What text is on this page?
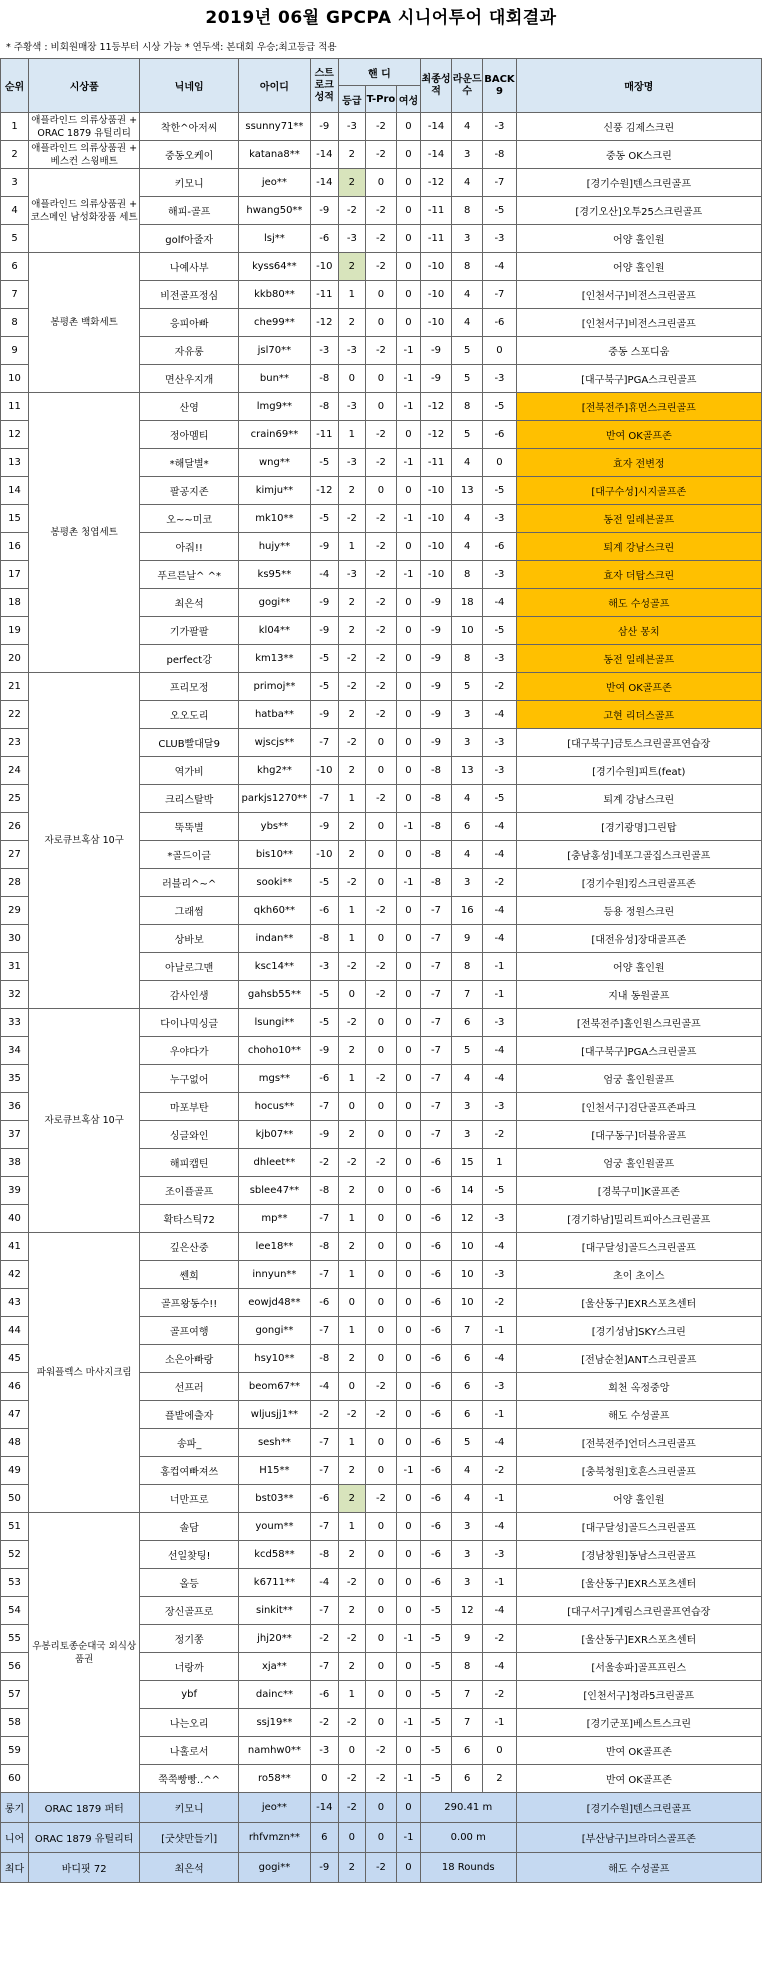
2019년 06월 GPCPA 시니어투어 대회결과
* 주황색 : 비회원매장 11등부터 시상 가능 * 연두색: 본대회 우승;최고등급 적용
순위	시상품	닉네임	아이디	스트로크성적	핸 디			최종성적	라운드수	BACK 9	매장명
					등급	T-Pro	여성				
1	애플라인드 의류상품권 + ORAC 1879 유틸리티	착한^아저씨	ssunny71**	-9	-3	-2	0	-14	4	-3	신풍 김제스크린
2	애플라인드 의류상품권 + 베스컨 스윙배트	중동오케이	katana8**	-14	2	-2	0	-14	3	-8	중동 OK스크린
3	애플라인드 의류상품권 + 코스메인 남성화장품 세트	키모니	jeo**	-14	2	0	0	-12	4	-7	[경기수원]텐스크린골프
4		해피-골프	hwang50**	-9	-2	-2	0	-11	8	-5	[경기오산]오투25스크린골프
5		golf아줄자	lsj**	-6	-3	-2	0	-11	3	-3	어양 홀인원
6	봉평촌 백화세트	나예사부	kyss64**	-10	2	-2	0	-10	8	-4	어양 홀인원
7		비전골프정심	kkb80**	-11	1	0	0	-10	4	-7	[인천서구]비전스크린골프
8		응피아빠	che99**	-12	2	0	0	-10	4	-6	[인천서구]비전스크린골프
9		자유롱	jsl70**	-3	-3	-2	-1	-9	5	0	중동 스포디움
10		면산우지개	bun**	-8	0	0	-1	-9	5	-3	[대구북구]PGA스크린골프
11	봉평촌 청엽세트	산영	lmg9**	-8	-3	0	-1	-12	8	-5	[전북전주]휴먼스크린골프
12		정아멤티	crain69**	-11	1	-2	0	-12	5	-6	반여 OK골프존
13		*해달별*	wng**	-5	-3	-2	-1	-11	4	0	효자 전변정
14		팔공지존	kimju**	-12	2	0	0	-10	13	-5	[대구수성]시지골프존
15		오~~미코	mk10**	-5	-2	-2	-1	-10	4	-3	동전 일레븐골프
16		아줘!!	hujy**	-9	1	-2	0	-10	4	-6	퇴계 강남스크린
17		푸르른날^ ^*	ks95**	-4	-3	-2	-1	-10	8	-3	효자 더탑스크린
18		최은석	gogi**	-9	2	-2	0	-9	18	-4	해도 수성골프
19		기가팔팔	kl04**	-9	2	-2	0	-9	10	-5	삼산 몽치
20		perfect강	km13**	-5	-2	-2	0	-9	8	-3	동전 일레븐골프
21	자로큐브혹삼 10구	프리모정	primoj**	-5	-2	-2	0	-9	5	-2	반여 OK골프존
22		오오도리	hatba**	-9	2	-2	0	-9	3	-4	고현 리더스골프
23		CLUB빨대달9	wjscjs**	-7	-2	0	0	-9	3	-3	[대구북구]금토스크린골프연습장
24		역가비	khg2**	-10	2	0	0	-8	13	-3	[경기수원]피트(feat)
25		크리스탈박	parkjs1270**	-7	1	-2	0	-8	4	-5	퇴계 강남스크린
26		뚝뚝별	ybs**	-9	2	0	-1	-8	6	-4	[경기광명]그린탑
27		*골드이글	bis10**	-10	2	0	0	-8	4	-4	[충남홍성]네포그골집스크린골프
28		러블리^~^	sooki**	-5	-2	0	-1	-8	3	-2	[경기수원]킹스크린골프존
29		그래썸	qkh60**	-6	1	-2	0	-7	16	-4	등용 정원스크린
30		상바보	indan**	-8	1	0	0	-7	9	-4	[대전유성]장대골프존
31		아날로그맨	ksc14**	-3	-2	-2	0	-7	8	-1	어양 홀인원
32		감사인생	gahsb55**	-5	0	-2	0	-7	7	-1	지내 동원골프
33	자로큐브혹삼 10구	다이나믹싱글	lsungi**	-5	-2	0	0	-7	6	-3	[전북전주]홀인원스크린골프
34		우야다가	choho10**	-9	2	0	0	-7	5	-4	[대구북구]PGA스크린골프
35		누구없어	mgs**	-6	1	-2	0	-7	4	-4	엄궁 홀인원골프
36		마포부탄	hocus**	-7	0	0	0	-7	3	-3	[인천서구]검단골프존파크
37		싱글와인	kjb07**	-9	2	0	0	-7	3	-2	[대구동구]더블유골프
38		해피캡틴	dhleet**	-2	-2	-2	0	-6	15	1	엄궁 홀인원골프
39		조이플골프	sblee47**	-8	2	0	0	-6	14	-5	[경북구미]K골프존
40		확타스틱72	mp**	-7	1	0	0	-6	12	-3	[경기하남]밀리트피아스크린골프
41	파워플렉스 마사지크림	깊은산중	lee18**	-8	2	0	0	-6	10	-4	[대구달성]골드스크린골프
42		쎈희	innyun**	-7	1	0	0	-6	10	-3	초이 초이스
43		골프왕동수!!	eowjd48**	-6	0	0	0	-6	10	-2	[울산동구]EXR스포츠센터
44		골프여행	gongi**	-7	1	0	0	-6	7	-1	[경기성남]SKY스크린
45		소은아빠랑	hsy10**	-8	2	0	0	-6	6	-4	[전남순천]ANT스크린골프
46		선프러	beom67**	-4	0	-2	0	-6	6	-3	회천 옥정중앙
47		플밭에출자	wljusjj1**	-2	-2	-2	0	-6	6	-1	해도 수성골프
48		송파_	sesh**	-7	1	0	0	-6	5	-4	[전북전주]언더스크린골프
49		홍컵여빠져쓰	H15**	-7	2	0	-1	-6	4	-2	[충북청원]호흔스크린골프
50		너만프로	bst03**	-6	2	-2	0	-6	4	-1	어양 홀인원
51	우봉리토종순대국 외식상품권	솔담	youm**	-7	1	0	0	-6	3	-4	[대구달성]골드스크린골프
52		선일찾팅!	kcd58**	-8	2	0	0	-6	3	-3	[경남창원]동남스크린골프
53		올등	k6711**	-4	-2	0	0	-6	3	-1	[울산동구]EXR스포츠센터
54		장신골프로	sinkit**	-7	2	0	0	-5	12	-4	[대구서구]계림스크린골프연습장
55		정기쫑	jhj20**	-2	-2	0	-1	-5	9	-2	[울산동구]EXR스포츠센터
56		너랑까	xja**	-7	2	0	0	-5	8	-4	[서울송파]골프프린스
57		ybf	dainc**	-6	1	0	0	-5	7	-2	[인천서구]청라5크린골프
58		나는오리	ssj19**	-2	-2	0	-1	-5	7	-1	[경기군포]베스트스크린
59		나홀로서	namhw0**	-3	0	-2	0	-5	6	0	반여 OK골프존
60		쭉쭉빵빵..^^	ro58**	0	-2	-2	-1	-5	6	2	반여 OK골프존
롱기	ORAC 1879 퍼터	키모니	jeo**	-14	-2	0	0	290.41 m			[경기수원]텐스크린골프
니어	ORAC 1879 유틸리티	[굿샷만들기]	rhfvmzn**	6	0	0	-1	0.00 m			[부산남구]브라더스골프존
최다	바디핏 72	최은석	gogi**	-9	2	-2	0	18 Rounds			해도 수성골프
